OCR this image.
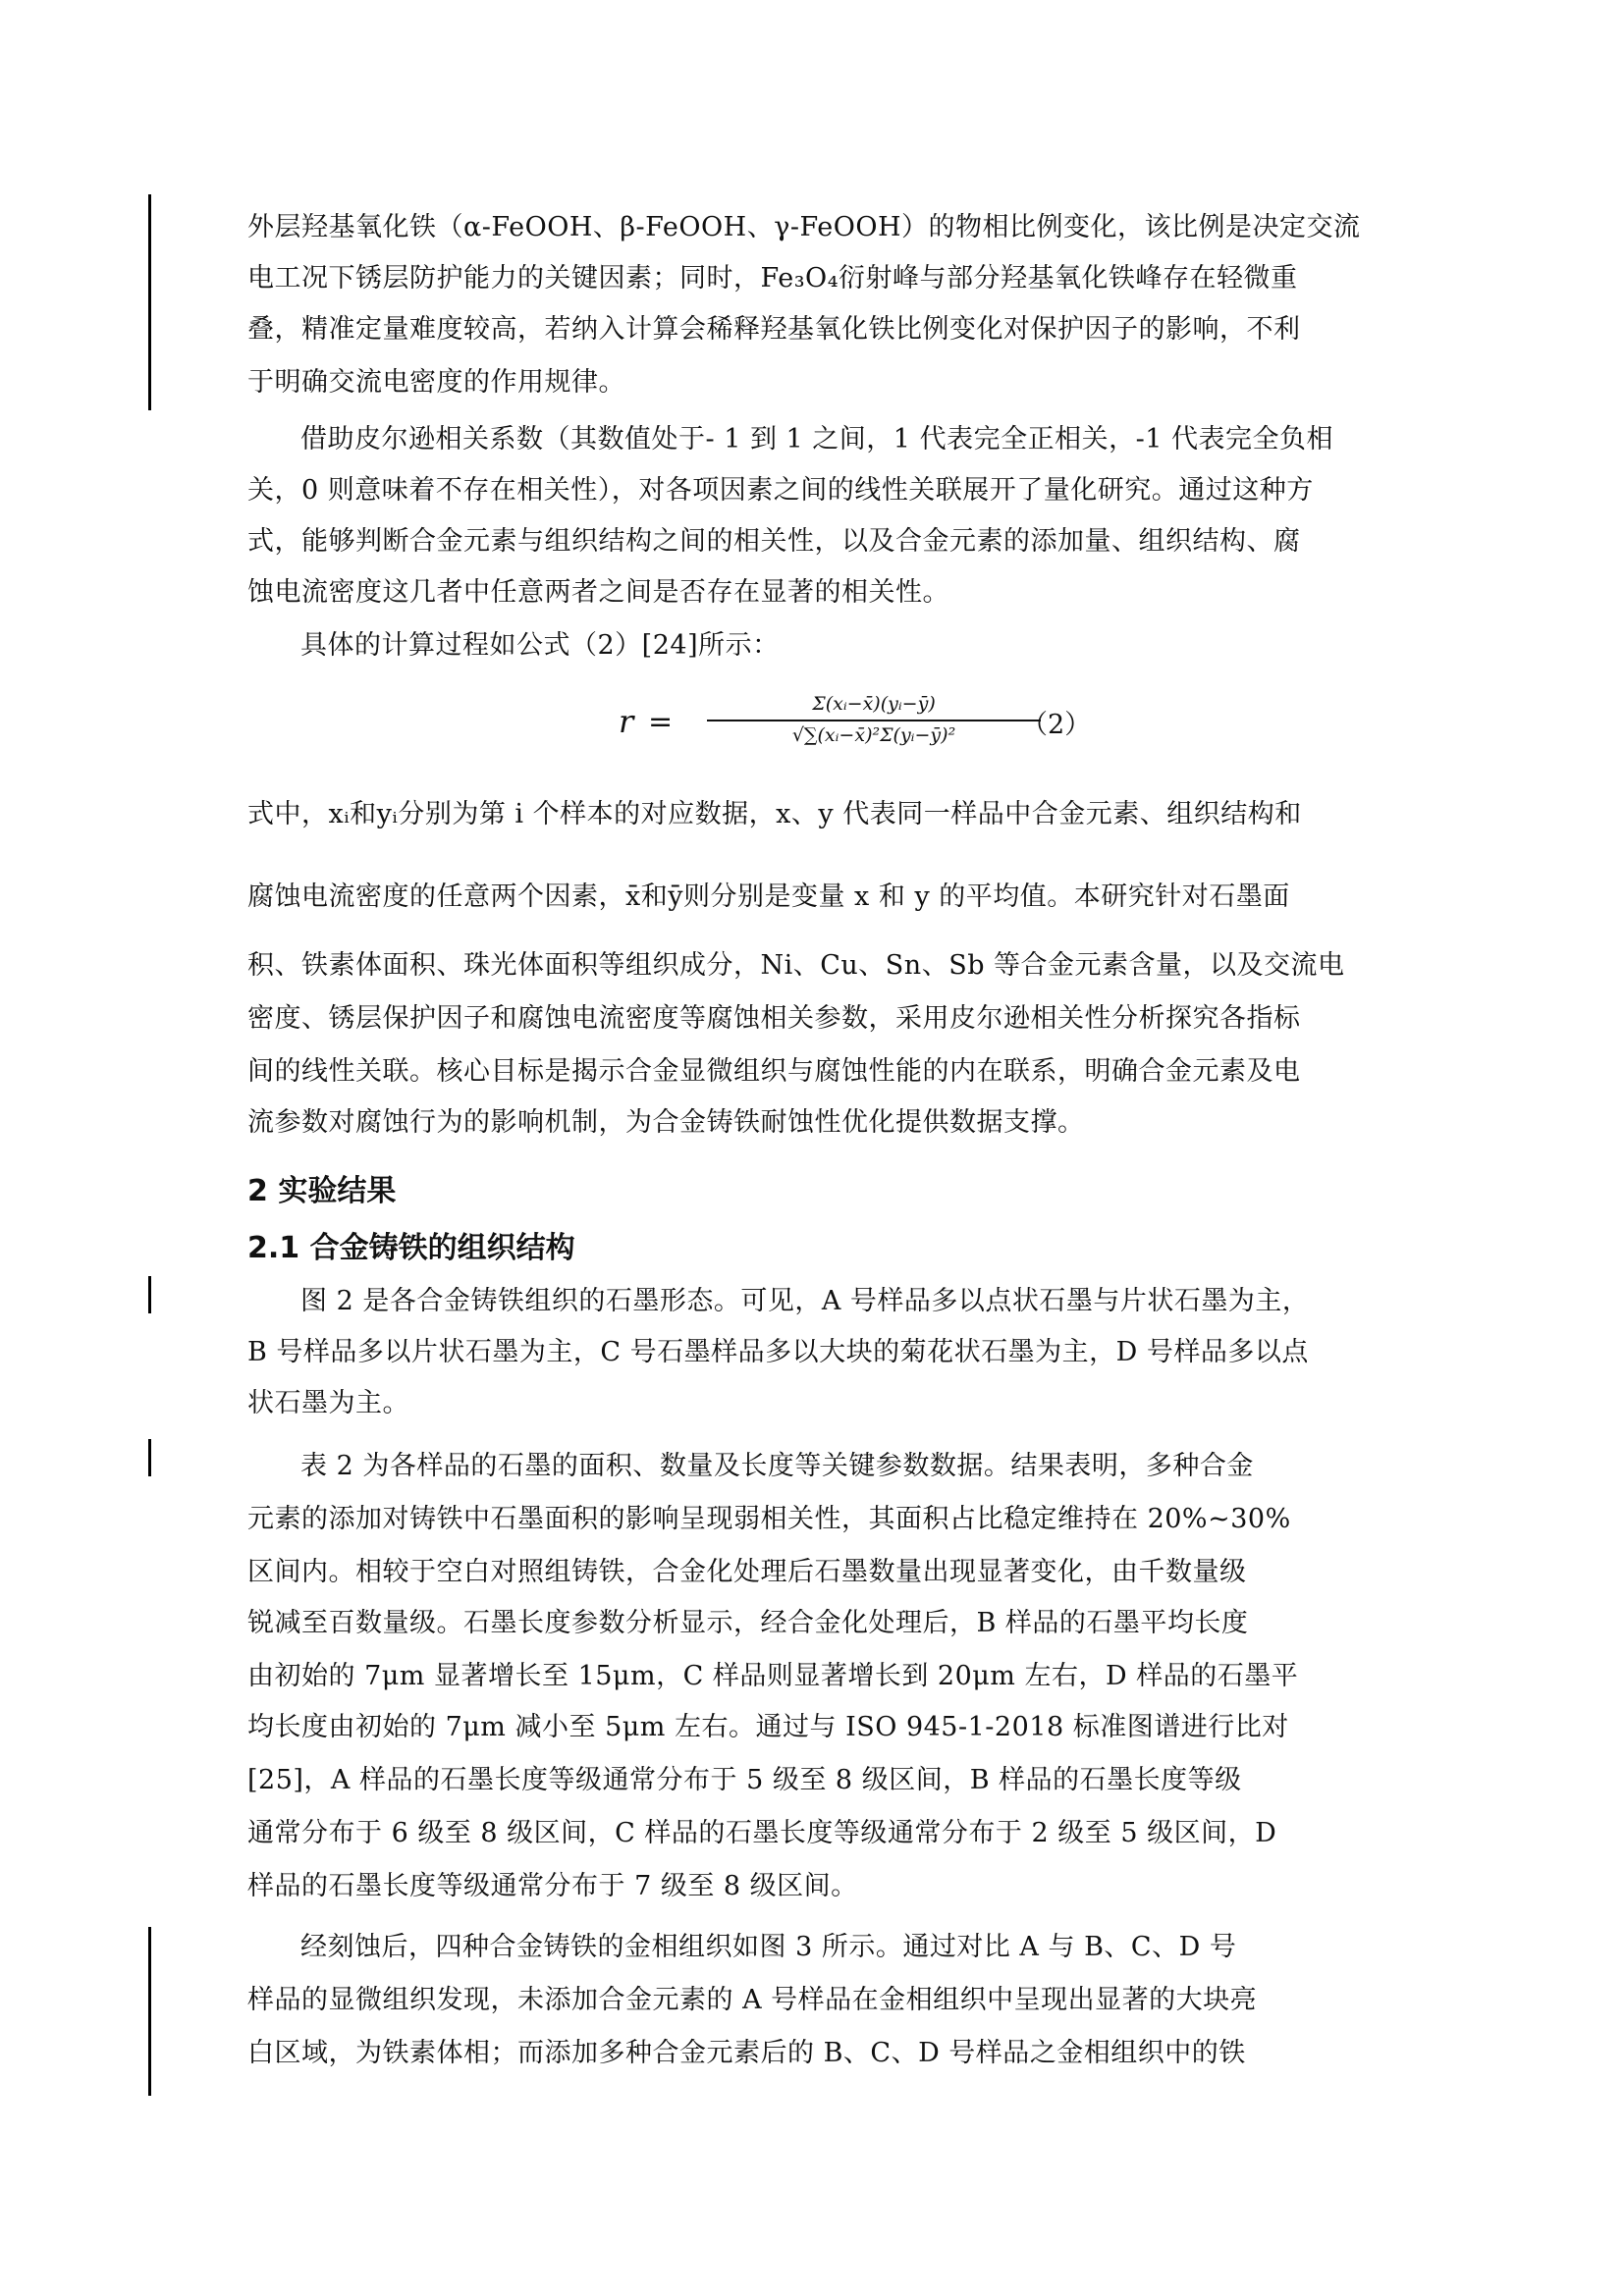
外层羟基氧化铁（α-FeOOH、β-FeOOH、γ-FeOOH）的物相比例变化，该比例是决定交流
电工况下锈层防护能力的关键因素；同时，Fe₃O₄衍射峰与部分羟基氧化铁峰存在轻微重
叠，精准定量难度较高，若纳入计算会稀释羟基氧化铁比例变化对保护因子的影响，不利
于明确交流电密度的作用规律。
借助皮尔逊相关系数（其数值处于- 1 到 1 之间，1 代表完全正相关，-1 代表完全负相
关，0 则意味着不存在相关性），对各项因素之间的线性关联展开了量化研究。通过这种方
式，能够判断合金元素与组织结构之间的相关性，以及合金元素的添加量、组织结构、腐
蚀电流密度这几者中任意两者之间是否存在显著的相关性。
具体的计算过程如公式（2）[24]所示：
r =
Σ(xᵢ−x̄)(yᵢ−ȳ)
√∑(xᵢ−x̄)²Σ(yᵢ−ȳ)²	（2）
式中，xᵢ和yᵢ分别为第 i 个样本的对应数据，x、y 代表同一样品中合金元素、组织结构和
腐蚀电流密度的任意两个因素，x̄和ȳ则分别是变量 x 和 y 的平均值。本研究针对石墨面
积、铁素体面积、珠光体面积等组织成分，Ni、Cu、Sn、Sb 等合金元素含量，以及交流电
密度、锈层保护因子和腐蚀电流密度等腐蚀相关参数，采用皮尔逊相关性分析探究各指标
间的线性关联。核心目标是揭示合金显微组织与腐蚀性能的内在联系，明确合金元素及电
流参数对腐蚀行为的影响机制，为合金铸铁耐蚀性优化提供数据支撑。
2 实验结果
2.1 合金铸铁的组织结构
图 2 是各合金铸铁组织的石墨形态。可见，A 号样品多以点状石墨与片状石墨为主，
B 号样品多以片状石墨为主，C 号石墨样品多以大块的菊花状石墨为主，D 号样品多以点
状石墨为主。
表 2 为各样品的石墨的面积、数量及长度等关键参数数据。结果表明，多种合金
元素的添加对铸铁中石墨面积的影响呈现弱相关性，其面积占比稳定维持在 20%~30%
区间内。相较于空白对照组铸铁，合金化处理后石墨数量出现显著变化，由千数量级
锐减至百数量级。石墨长度参数分析显示，经合金化处理后，B 样品的石墨平均长度
由初始的 7μm 显著增长至 15μm，C 样品则显著增长到 20μm 左右，D 样品的石墨平
均长度由初始的 7μm 减小至 5μm 左右。通过与 ISO 945-1-2018 标准图谱进行比对
[25]，A 样品的石墨长度等级通常分布于 5 级至 8 级区间，B 样品的石墨长度等级
通常分布于 6 级至 8 级区间，C 样品的石墨长度等级通常分布于 2 级至 5 级区间，D
样品的石墨长度等级通常分布于 7 级至 8 级区间。
经刻蚀后，四种合金铸铁的金相组织如图 3 所示。通过对比 A 与 B、C、D 号
样品的显微组织发现，未添加合金元素的 A 号样品在金相组织中呈现出显著的大块亮
白区域，为铁素体相；而添加多种合金元素后的 B、C、D 号样品之金相组织中的铁
